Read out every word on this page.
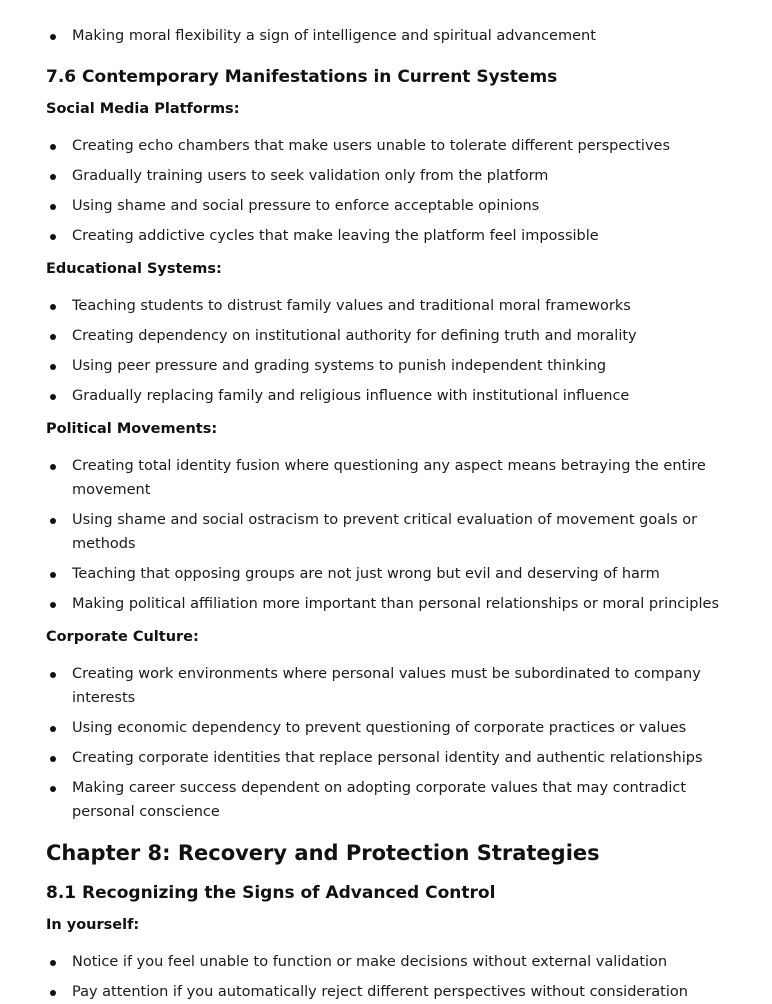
Making moral flexibility a sign of intelligence and spiritual advancement
7.6 Contemporary Manifestations in Current Systems

Social Media Platforms:

Creating echo chambers that make users unable to tolerate different perspectives
Gradually training users to seek validation only from the platform
Using shame and social pressure to enforce acceptable opinions
Creating addictive cycles that make leaving the platform feel impossible

Educational Systems:

Teaching students to distrust family values and traditional moral frameworks
Creating dependency on institutional authority for defining truth and morality
Using peer pressure and grading systems to punish independent thinking
Gradually replacing family and religious influence with institutional influence

Political Movements:

Creating total identity fusion where questioning any aspect means betraying the entire movement
Using shame and social ostracism to prevent critical evaluation of movement goals or methods
Teaching that opposing groups are not just wrong but evil and deserving of harm
Making political affiliation more important than personal relationships or moral principles

Corporate Culture:

Creating work environments where personal values must be subordinated to company interests
Using economic dependency to prevent questioning of corporate practices or values
Creating corporate identities that replace personal identity and authentic relationships
Making career success dependent on adopting corporate values that may contradict personal conscience
Chapter 8: Recovery and Protection Strategies
8.1 Recognizing the Signs of Advanced Control

In yourself:

Notice if you feel unable to function or make decisions without external validation
Pay attention if you automatically reject different perspectives without consideration
